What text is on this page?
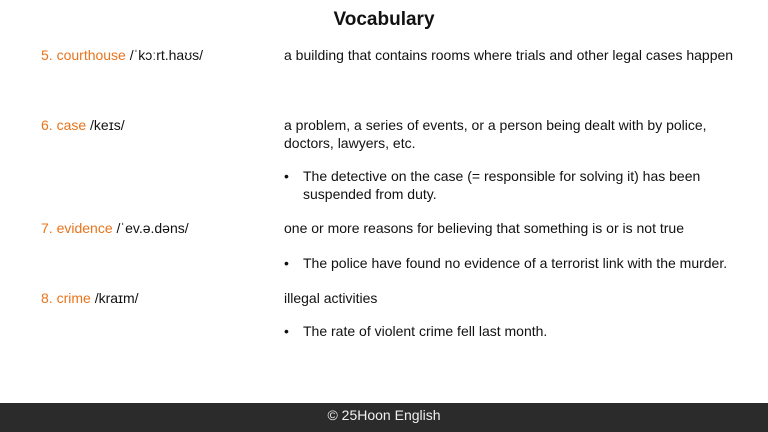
Vocabulary
5. courthouse /ˈkɔːrt.haʊs/	a building that contains rooms where trials and other legal cases happen
6. case /keɪs/	a problem, a series of events, or a person being dealt with by police, doctors, lawyers, etc.
•	The detective on the case (= responsible for solving it) has been suspended from duty.
7. evidence /ˈev.ə.dəns/	one or more reasons for believing that something is or is not true
•	The police have found no evidence of a terrorist link with the murder.
8. crime /kraɪm/	illegal activities
•	The rate of violent crime fell last month.
© 25Hoon English
